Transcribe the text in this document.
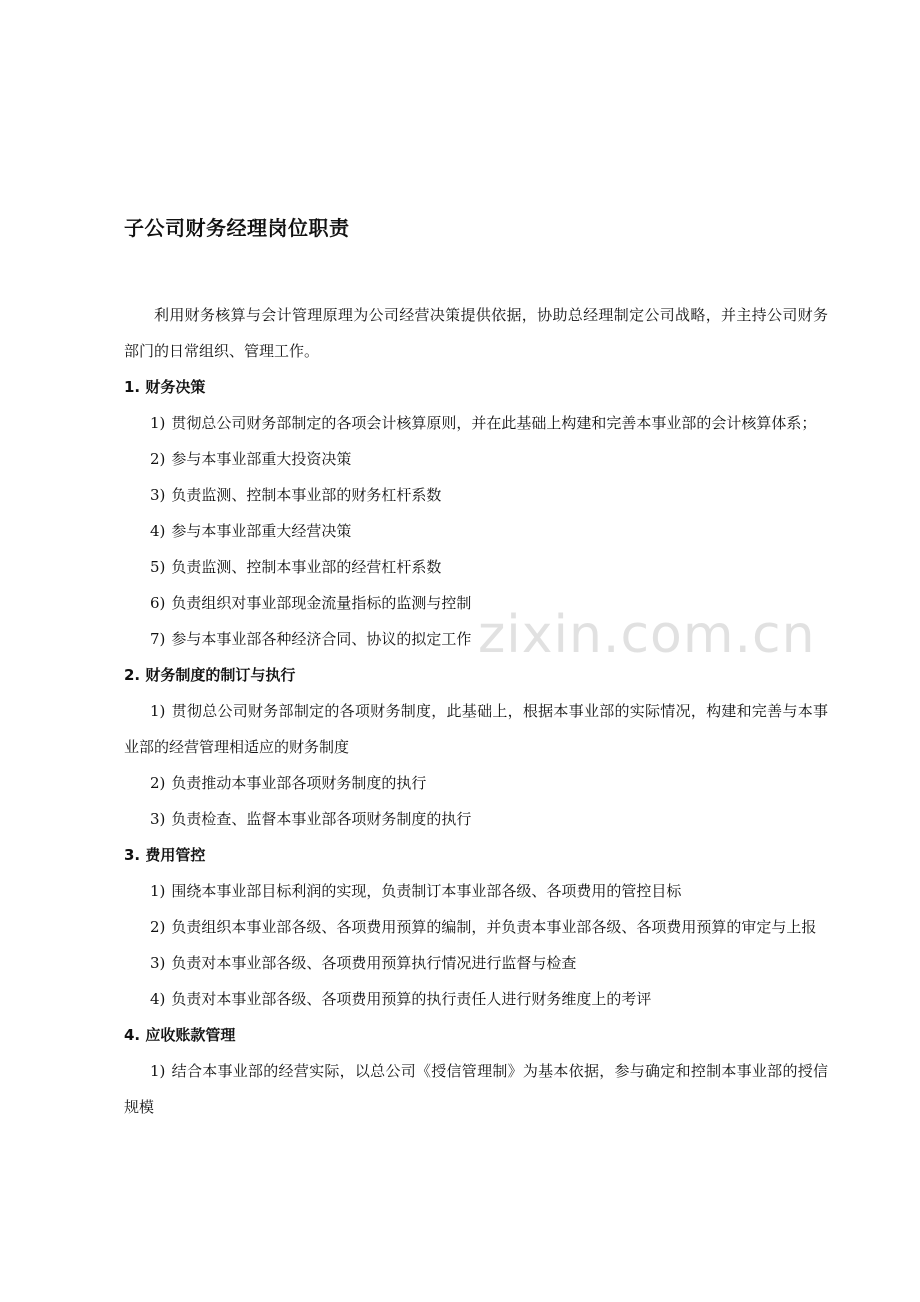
子公司财务经理岗位职责

利用财务核算与会计管理原理为公司经营决策提供依据，协助总经理制定公司战略，并主持公司财务部门的日常组织、管理工作。

1. 财务决策

1) 贯彻总公司财务部制定的各项会计核算原则，并在此基础上构建和完善本事业部的会计核算体系；

2) 参与本事业部重大投资决策

3) 负责监测、控制本事业部的财务杠杆系数

4) 参与本事业部重大经营决策

5) 负责监测、控制本事业部的经营杠杆系数

6) 负责组织对事业部现金流量指标的监测与控制

7) 参与本事业部各种经济合同、协议的拟定工作

2. 财务制度的制订与执行

1) 贯彻总公司财务部制定的各项财务制度，此基础上，根据本事业部的实际情况，构建和完善与本事业部的经营管理相适应的财务制度

2) 负责推动本事业部各项财务制度的执行

3) 负责检查、监督本事业部各项财务制度的执行

3. 费用管控

1) 围绕本事业部目标利润的实现，负责制订本事业部各级、各项费用的管控目标

2) 负责组织本事业部各级、各项费用预算的编制，并负责本事业部各级、各项费用预算的审定与上报

3) 负责对本事业部各级、各项费用预算执行情况进行监督与检查

4) 负责对本事业部各级、各项费用预算的执行责任人进行财务维度上的考评

4. 应收账款管理

1) 结合本事业部的经营实际，以总公司《授信管理制》为基本依据，参与确定和控制本事业部的授信规模

zixin.com.cn
